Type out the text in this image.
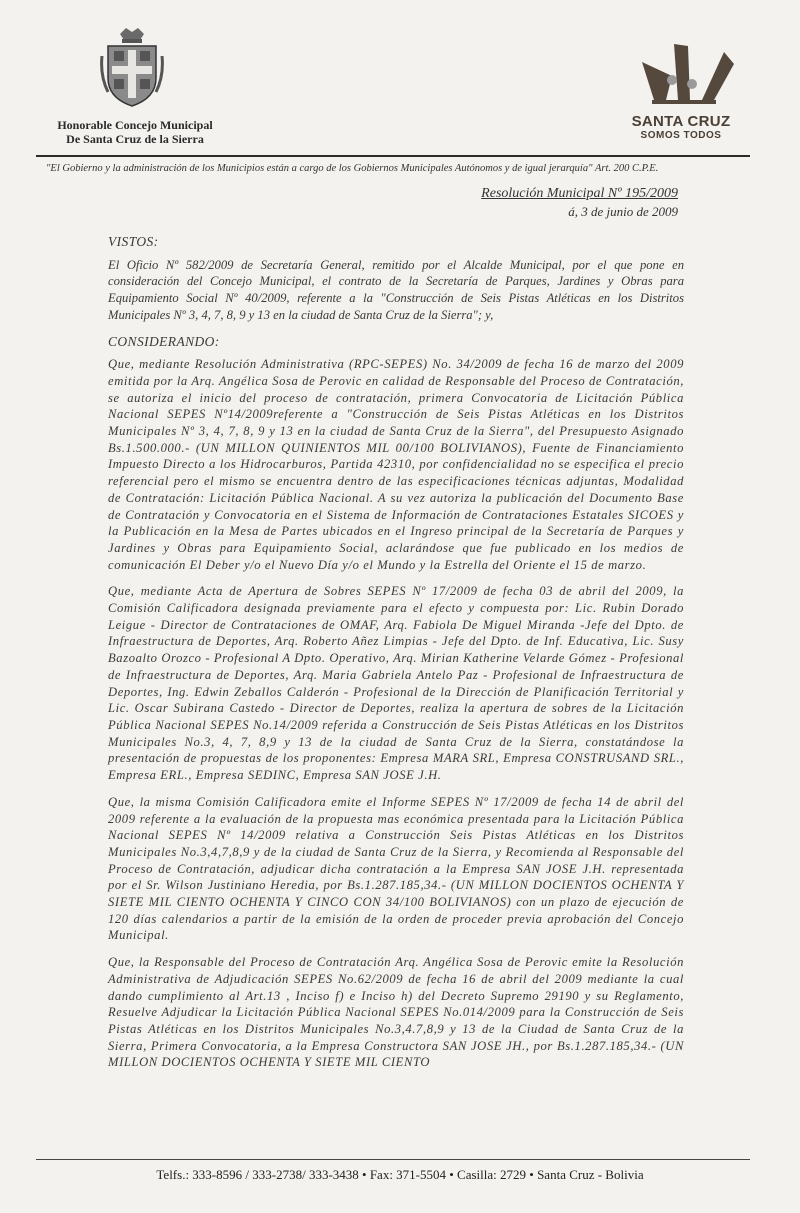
Honorable Concejo Municipal
De Santa Cruz de la Sierra
SANTA CRUZ
SOMOS TODOS
"El Gobierno y la administración de los Municipios están a cargo de los Gobiernos Municipales Autónomos y de igual jerarquía" Art. 200 C.P.E.
Resolución Municipal Nº 195/2009
á, 3 de junio de 2009
VISTOS:

El Oficio Nº 582/2009 de Secretaría General, remitido por el Alcalde Municipal, por el que pone en consideración del Concejo Municipal, el contrato de la Secretaría de Parques, Jardines y Obras para Equipamiento Social Nº 40/2009, referente a la "Construcción de Seis Pistas Atléticas en los Distritos Municipales Nº 3, 4, 7, 8, 9 y 13 en la ciudad de Santa Cruz de la Sierra"; y,

CONSIDERANDO:

Que, mediante Resolución Administrativa (RPC-SEPES) No. 34/2009 de fecha 16 de marzo del 2009 emitida por la Arq. Angélica Sosa de Perovic en calidad de Responsable del Proceso de Contratación, se autoriza el inicio del proceso de contratación, primera Convocatoria de Licitación Pública Nacional SEPES Nº14/2009referente a "Construcción de Seis Pistas Atléticas en los Distritos Municipales Nº 3, 4, 7, 8, 9 y 13 en la ciudad de Santa Cruz de la Sierra", del Presupuesto Asignado Bs.1.500.000.- (UN MILLON QUINIENTOS MIL 00/100 BOLIVIANOS), Fuente de Financiamiento Impuesto Directo a los Hidrocarburos, Partida 42310, por confidencialidad no se especifica el precio referencial pero el mismo se encuentra dentro de las especificaciones técnicas adjuntas, Modalidad de Contratación: Licitación Pública Nacional. A su vez autoriza la publicación del Documento Base de Contratación y Convocatoria en el Sistema de Información de Contrataciones Estatales SICOES y la Publicación en la Mesa de Partes ubicados en el Ingreso principal de la Secretaría de Parques y Jardines y Obras para Equipamiento Social, aclarándose que fue publicado en los medios de comunicación El Deber y/o el Nuevo Día y/o el Mundo y la Estrella del Oriente el 15 de marzo.

Que, mediante Acta de Apertura de Sobres SEPES Nº 17/2009 de fecha 03 de abril del 2009, la Comisión Calificadora designada previamente para el efecto y compuesta por: Lic. Rubin Dorado Leigue - Director de Contrataciones de OMAF, Arq. Fabiola De Miguel Miranda -Jefe del Dpto. de Infraestructura de Deportes, Arq. Roberto Añez Limpias - Jefe del Dpto. de Inf. Educativa, Lic. Susy Bazoalto Orozco - Profesional A Dpto. Operativo, Arq. Mirian Katherine Velarde Gómez - Profesional de Infraestructura de Deportes, Arq. Maria Gabriela Antelo Paz - Profesional de Infraestructura de Deportes, Ing. Edwin Zeballos Calderón - Profesional de la Dirección de Planificación Territorial y Lic. Oscar Subirana Castedo - Director de Deportes, realiza la apertura de sobres de la Licitación Pública Nacional SEPES No.14/2009 referida a Construcción de Seis Pistas Atléticas en los Distritos Municipales No.3, 4, 7, 8,9 y 13 de la ciudad de Santa Cruz de la Sierra, constatándose la presentación de propuestas de los proponentes: Empresa MARA SRL, Empresa CONSTRUSAND SRL., Empresa ERL., Empresa SEDINC, Empresa SAN JOSE J.H.

Que, la misma Comisión Calificadora emite el Informe SEPES Nº 17/2009 de fecha 14 de abril del 2009 referente a la evaluación de la propuesta mas económica presentada para la Licitación Pública Nacional SEPES Nº 14/2009 relativa a Construcción Seis Pistas Atléticas en los Distritos Municipales No.3,4,7,8,9 y de la ciudad de Santa Cruz de la Sierra, y Recomienda al Responsable del Proceso de Contratación, adjudicar dicha contratación a la Empresa SAN JOSE J.H. representada por el Sr. Wilson Justiniano Heredia, por Bs.1.287.185,34.- (UN MILLON DOCIENTOS OCHENTA Y SIETE MIL CIENTO OCHENTA Y CINCO CON 34/100 BOLIVIANOS) con un plazo de ejecución de 120 días calendarios a partir de la emisión de la orden de proceder previa aprobación del Concejo Municipal.

Que, la Responsable del Proceso de Contratación Arq. Angélica Sosa de Perovic emite la Resolución Administrativa de Adjudicación SEPES No.62/2009 de fecha 16 de abril del 2009 mediante la cual dando cumplimiento al Art.13 , Inciso f) e Inciso h) del Decreto Supremo 29190 y su Reglamento, Resuelve Adjudicar la Licitación Pública Nacional SEPES No.014/2009 para la Construcción de Seis Pistas Atléticas en los Distritos Municipales No.3,4.7,8,9 y 13 de la Ciudad de Santa Cruz de la Sierra, Primera Convocatoria, a la Empresa Constructora SAN JOSE JH., por Bs.1.287.185,34.- (UN MILLON DOCIENTOS OCHENTA Y SIETE MIL CIENTO

Telfs.: 333-8596 / 333-2738/ 333-3438 • Fax: 371-5504 • Casilla: 2729 • Santa Cruz - Bolivia
